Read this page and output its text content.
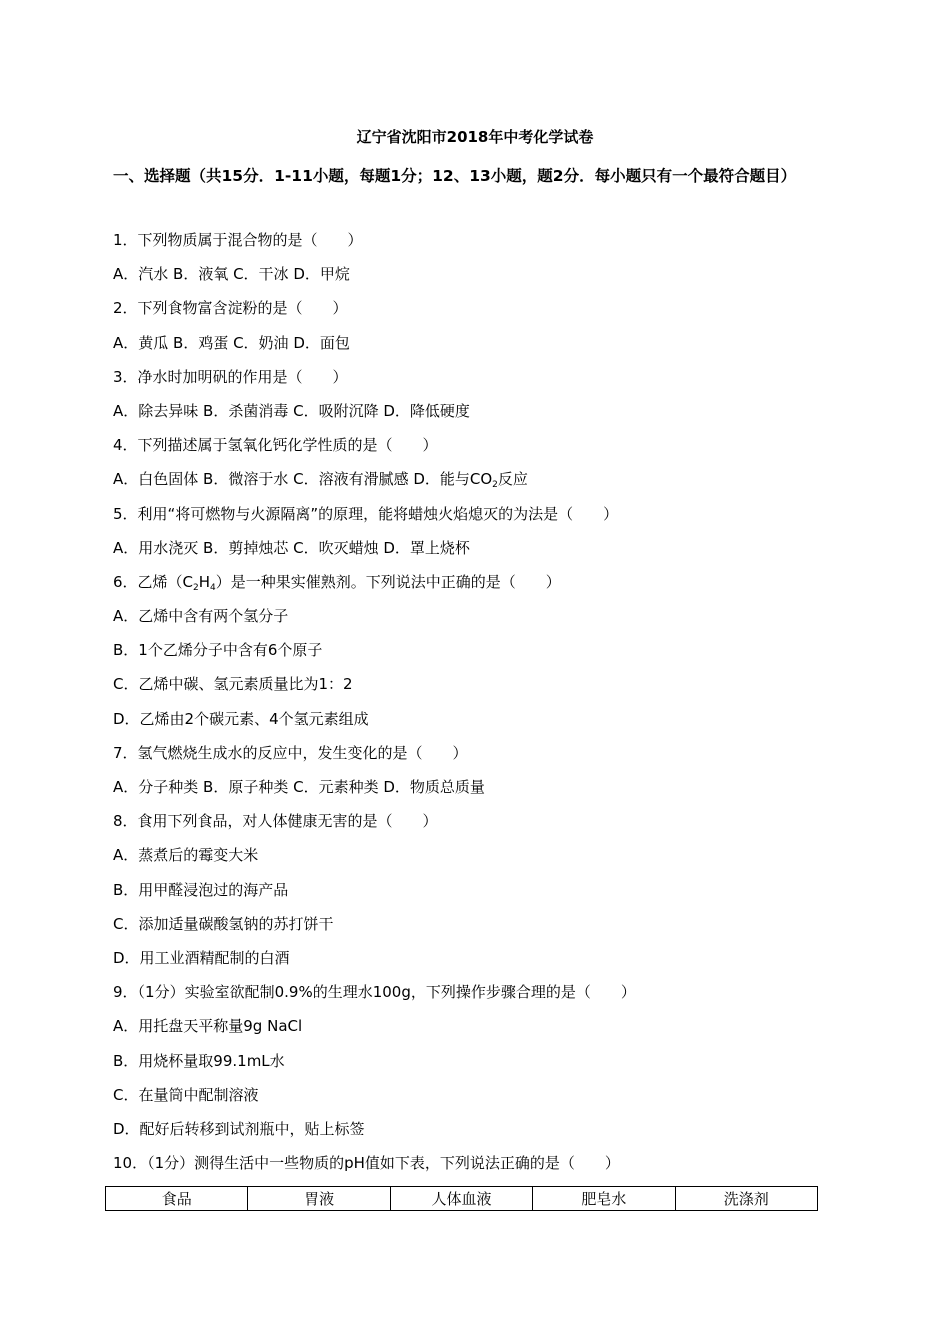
辽宁省沈阳市2018年中考化学试卷
一、选择题（共15分．1-11小题，每题1分；12、13小题，题2分．每小题只有一个最符合题目）
1．下列物质属于混合物的是（　　）
A．汽水 B．液氧 C．干冰 D．甲烷
2．下列食物富含淀粉的是（　　）
A．黄瓜 B．鸡蛋 C．奶油 D．面包
3．净水时加明矾的作用是（　　）
A．除去异味 B．杀菌消毒 C．吸附沉降 D．降低硬度
4．下列描述属于氢氧化钙化学性质的是（　　）
A．白色固体 B．微溶于水 C．溶液有滑腻感 D．能与$CO_2$反应
5．利用“将可燃物与火源隔离”的原理，能将蜡烛火焰熄灭的为法是（　　）
A．用水浇灭 B．剪掉烛芯 C．吹灭蜡烛 D．罩上烧杯
6．乙烯$(C_2H_4)$是一种果实催熟剂。下列说法中正确的是（　　）
A．乙烯中含有两个氢分子
B．1个乙烯分子中含有6个原子
C．乙烯中碳、氢元素质量比为1：2
D．乙烯由2个碳元素、4个氢元素组成
7．氢气燃烧生成水的反应中，发生变化的是（　　）
A．分子种类 B．原子种类 C．元素种类 D．物质总质量
8．食用下列食品，对人体健康无害的是（　　）
A．蒸煮后的霉变大米
B．用甲醛浸泡过的海产品
C．添加适量碳酸氢钠的苏打饼干
D．用工业酒精配制的白酒
9．（1分）实验室欲配制0.9%的生理水100g，下列操作步骤合理的是（　　）
A．用托盘天平称量9g NaCl
B．用烧杯量取99.1mL水
C．在量筒中配制溶液
D．配好后转移到试剂瓶中，贴上标签
10．（1分）测得生活中一些物质的pH值如下表，下列说法正确的是（　　）
食品	胃液	人体血液	肥皂水	洗涤剂
